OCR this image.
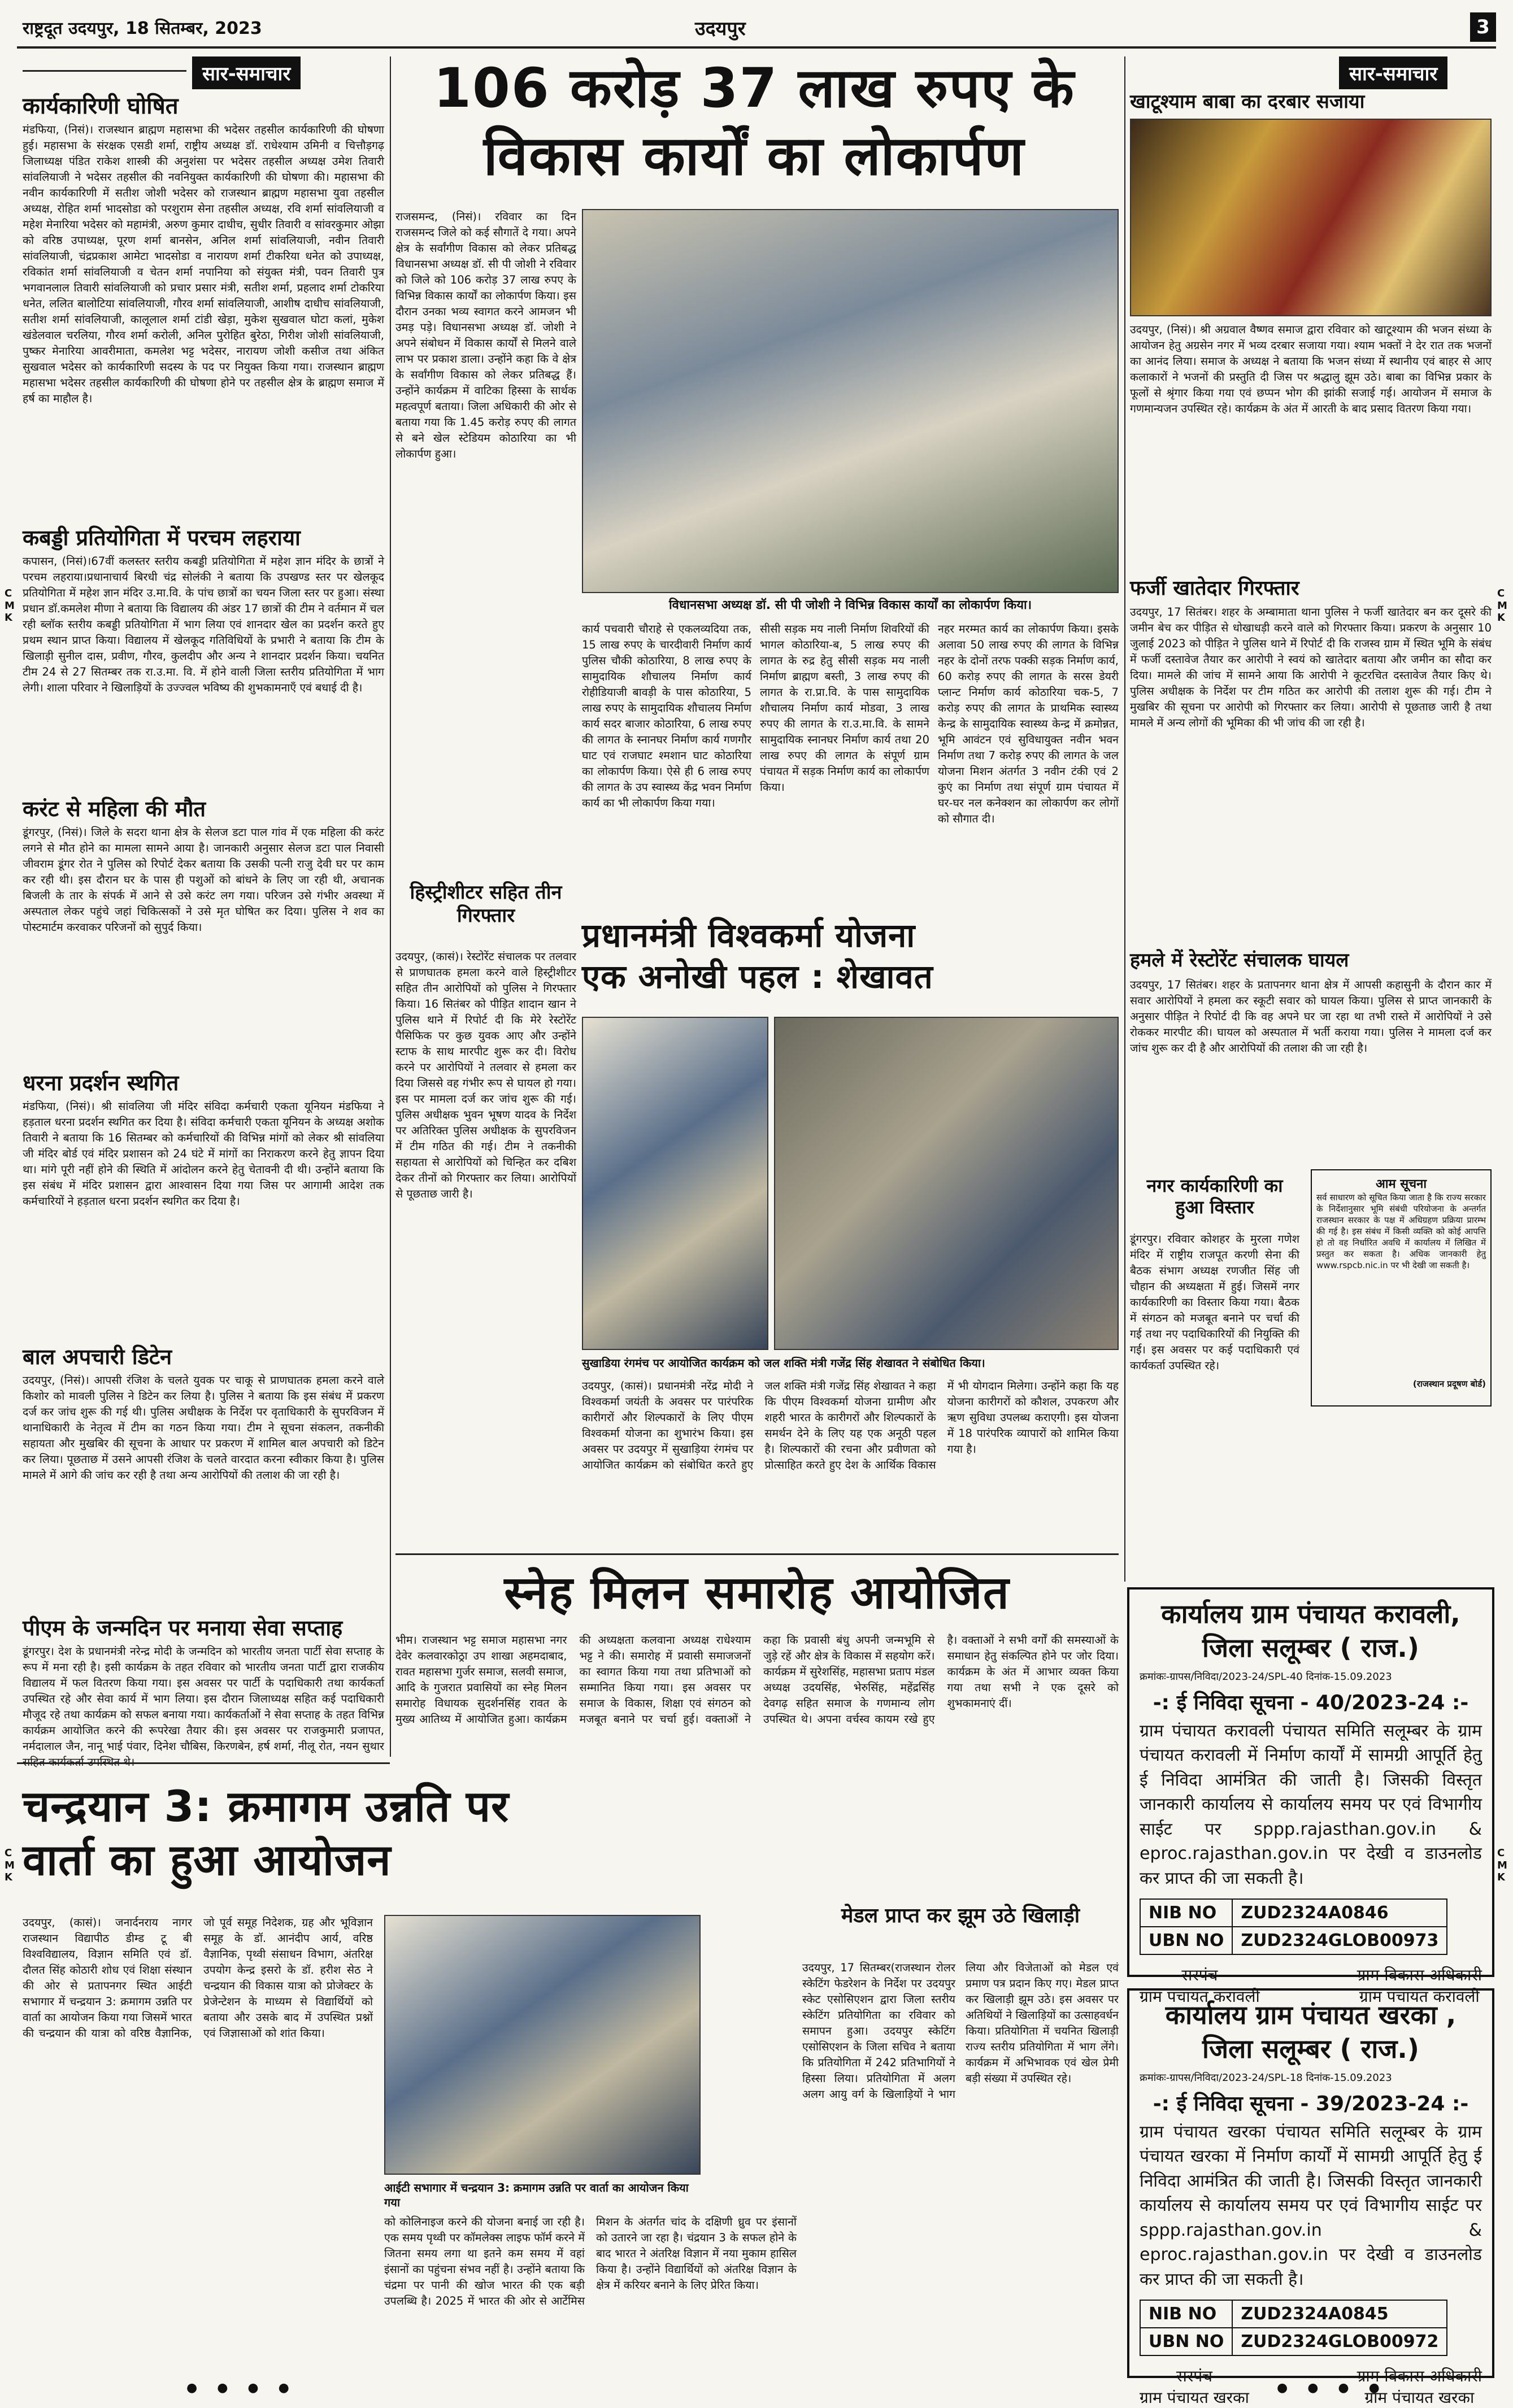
राष्ट्रदूत उदयपुर, 18 सितम्बर, 2023	उदयपुर	3
C
M
K
C
M
K
C
M
K
C
M
K
सार-समाचार
कार्यकारिणी घोषित
मंडफिया, (निसं)। राजस्थान ब्राह्मण महासभा की भदेसर तहसील कार्यकारिणी की घोषणा हुई। महासभा के संरक्षक एसडी शर्मा, राष्ट्रीय अध्यक्ष डॉ. राधेश्याम उमिनी व चित्तौड़गढ़ जिलाध्यक्ष पंडित राकेश शास्त्री की अनुशंसा पर भदेसर तहसील अध्यक्ष उमेश तिवारी सांवलियाजी ने भदेसर तहसील की नवनियुक्त कार्यकारिणी की घोषणा की। महासभा की नवीन कार्यकारिणी में सतीश जोशी भदेसर को राजस्थान ब्राह्मण महासभा युवा तहसील अध्यक्ष, रोहित शर्मा भादसोडा को परशुराम सेना तहसील अध्यक्ष, रवि शर्मा सांवलियाजी व महेश मेनारिया भदेसर को महामंत्री, अरुण कुमार दाधीच, सुधीर तिवारी व सांवरकुमार ओझा को वरिष्ठ उपाध्यक्ष, पूरण शर्मा बानसेन, अनिल शर्मा सांवलियाजी, नवीन तिवारी सांवलियाजी, चंद्रप्रकाश आमेटा भादसोडा व नारायण शर्मा टीकरिया धनेत को उपाध्यक्ष, रविकांत शर्मा सांवलियाजी व चेतन शर्मा नपानिया को संयुक्त मंत्री, पवन तिवारी पुत्र भगवानलाल तिवारी सांवलियाजी को प्रचार प्रसार मंत्री, सतीश शर्मा, प्रहलाद शर्मा टोकरिया धनेत, ललित बालोटिया सांवलियाजी, गौरव शर्मा सांवलियाजी, आशीष दाधीच सांवलियाजी, सतीश शर्मा सांवलियाजी, कालूलाल शर्मा टांडी खेड़ा, मुकेश सुखवाल घोटा कलां, मुकेश खंडेलवाल चरलिया, गौरव शर्मा करोली, अनिल पुरोहित बुरेठा, गिरीश जोशी सांवलियाजी, पुष्कर मेनारिया आवरीमाता, कमलेश भट्ट भदेसर, नारायण जोशी कसीज तथा अंकित सुखवाल भदेसर को कार्यकारिणी सदस्य के पद पर नियुक्त किया गया। राजस्थान ब्राह्मण महासभा भदेसर तहसील कार्यकारिणी की घोषणा होने पर तहसील क्षेत्र के ब्राह्मण समाज में हर्ष का माहौल है।
कबड्डी प्रतियोगिता में परचम लहराया
कपासन, (निसं)।67वीं कलस्तर स्तरीय कबड्डी प्रतियोगिता में महेश ज्ञान मंदिर के छात्रों ने परचम लहराया।प्रधानाचार्य बिरधी चंद्र सोलंकी ने बताया कि उपखण्ड स्तर पर खेलकूद प्रतियोगिता में महेश ज्ञान मंदिर उ.मा.वि. के पांच छात्रों का चयन जिला स्तर पर हुआ। संस्था प्रधान डॉ.कमलेश मीणा ने बताया कि विद्यालय की अंडर 17 छात्रों की टीम ने वर्तमान में चल रही ब्लॉक स्तरीय कबड्डी प्रतियोगिता में भाग लिया एवं शानदार खेल का प्रदर्शन करते हुए प्रथम स्थान प्राप्त किया। विद्यालय में खेलकूद गतिविधियों के प्रभारी ने बताया कि टीम के खिलाड़ी सुनील दास, प्रवीण, गौरव, कुलदीप और अन्य ने शानदार प्रदर्शन किया। चयनित टीम 24 से 27 सितम्बर तक रा.उ.मा. वि. में होने वाली जिला स्तरीय प्रतियोगिता में भाग लेगी। शाला परिवार ने खिलाड़ियों के उज्ज्वल भविष्य की शुभकामनाएँ एवं बधाई दी है।
करंट से महिला की मौत
डूंगरपुर, (निसं)। जिले के सदरा थाना क्षेत्र के सेलज डटा पाल गांव में एक महिला की करंट लगने से मौत होने का मामला सामने आया है। जानकारी अनुसार सेलज डटा पाल निवासी जीवराम डूंगर रोत ने पुलिस को रिपोर्ट देकर बताया कि उसकी पत्नी राजु देवी घर पर काम कर रही थी। इस दौरान घर के पास ही पशुओं को बांधने के लिए जा रही थी, अचानक बिजली के तार के संपर्क में आने से उसे करंट लग गया। परिजन उसे गंभीर अवस्था में अस्पताल लेकर पहुंचे जहां चिकित्सकों ने उसे मृत घोषित कर दिया। पुलिस ने शव का पोस्टमार्टम करवाकर परिजनों को सुपुर्द किया।
धरना प्रदर्शन स्थगित
मंडफिया, (निसं)। श्री सांवलिया जी मंदिर संविदा कर्मचारी एकता यूनियन मंडफिया ने हड़ताल धरना प्रदर्शन स्थगित कर दिया है। संविदा कर्मचारी एकता यूनियन के अध्यक्ष अशोक तिवारी ने बताया कि 16 सितम्बर को कर्मचारियों की विभिन्न मांगों को लेकर श्री सांवलिया जी मंदिर बोर्ड एवं मंदिर प्रशासन को 24 घंटे में मांगों का निराकरण करने हेतु ज्ञापन दिया था। मांगे पूरी नहीं होने की स्थिति में आंदोलन करने हेतु चेतावनी दी थी। उन्होंने बताया कि इस संबंध में मंदिर प्रशासन द्वारा आश्वासन दिया गया जिस पर आगामी आदेश तक कर्मचारियों ने हड़ताल धरना प्रदर्शन स्थगित कर दिया है।
बाल अपचारी डिटेन
उदयपुर, (निसं)। आपसी रंजिश के चलते युवक पर चाकू से प्राणघातक हमला करने वाले किशोर को मावली पुलिस ने डिटेन कर लिया है। पुलिस ने बताया कि इस संबंध में प्रकरण दर्ज कर जांच शुरू की गई थी। पुलिस अधीक्षक के निर्देश पर वृताधिकारी के सुपरविजन में थानाधिकारी के नेतृत्व में टीम का गठन किया गया। टीम ने सूचना संकलन, तकनीकी सहायता और मुखबिर की सूचना के आधार पर प्रकरण में शामिल बाल अपचारी को डिटेन कर लिया। पूछताछ में उसने आपसी रंजिश के चलते वारदात करना स्वीकार किया है। पुलिस मामले में आगे की जांच कर रही है तथा अन्य आरोपियों की तलाश की जा रही है।
पीएम के जन्मदिन पर मनाया सेवा सप्ताह
डूंगरपुर। देश के प्रधानमंत्री नरेन्द्र मोदी के जन्मदिन को भारतीय जनता पार्टी सेवा सप्ताह के रूप में मना रही है। इसी कार्यक्रम के तहत रविवार को भारतीय जनता पार्टी द्वारा राजकीय विद्यालय में फल वितरण किया गया। इस अवसर पर पार्टी के पदाधिकारी तथा कार्यकर्ता उपस्थित रहे और सेवा कार्य में भाग लिया। इस दौरान जिलाध्यक्ष सहित कई पदाधिकारी मौजूद रहे तथा कार्यक्रम को सफल बनाया गया। कार्यकर्ताओं ने सेवा सप्ताह के तहत विभिन्न कार्यक्रम आयोजित करने की रूपरेखा तैयार की। इस अवसर पर राजकुमारी प्रजापत, नर्मदालाल जैन, नानू भाई पंवार, दिनेश चौबिस, किरणबेन, हर्ष शर्मा, नीलू रोत, नयन सुथार
106 करोड़ 37 लाख रुपए के विकास कार्यों का लोकार्पण
राजसमन्द, (निसं)। रविवार का दिन राजसमन्द जिले को कई सौगातें दे गया। अपने क्षेत्र के सर्वांगीण विकास को लेकर प्रतिबद्ध विधानसभा अध्यक्ष डॉ. सी पी जोशी ने रविवार को जिले को 106 करोड़ 37 लाख रुपए के विभिन्न विकास कार्यों का लोकार्पण किया। इस दौरान उनका भव्य स्वागत करने आमजन भी उमड़ पड़े। विधानसभा अध्यक्ष डॉ. जोशी ने अपने संबोधन में विकास कार्यों से मिलने वाले लाभ पर प्रकाश डाला। उन्होंने कहा कि वे क्षेत्र के सर्वांगीण विकास को लेकर प्रतिबद्ध हैं। उन्होंने कार्यक्रम में वाटिका हिस्सा के सार्थक महत्वपूर्ण बताया। जिला अधिकारी की ओर से बताया गया कि 1.45 करोड़ रुपए की लागत से बने खेल स्टेडियम कोठारिया का भी लोकार्पण हुआ।
विधानसभा अध्यक्ष डॉ. सी पी जोशी ने विभिन्न विकास कार्यों का लोकार्पण किया।
कार्य पचवारी चौराहे से एकलव्यदिया तक, 15 लाख रुपए के चारदीवारी निर्माण कार्य पुलिस चौकी कोठारिया, 8 लाख रुपए के सामुदायिक शौचालय निर्माण कार्य रोहीडियाजी बावड़ी के पास कोठारिया, 5 लाख रुपए के सामुदायिक शौचालय निर्माण कार्य सदर बाजार कोठारिया, 6 लाख रुपए की लागत के स्नानघर निर्माण कार्य गणगौर घाट एवं राजघाट श्मशान घाट कोठारिया का लोकार्पण किया। ऐसे ही 6 लाख रुपए की लागत के उप स्वास्थ्य केंद्र भवन निर्माण कार्य का भी लोकार्पण किया गया।
सीसी सड़क मय नाली निर्माण शिवरियों की भागल कोठारिया-ब, 5 लाख रुपए की लागत के रुद्र हेतु सीसी सड़क मय नाली निर्माण ब्राह्मण बस्ती, 3 लाख रुपए की लागत के रा.प्रा.वि. के पास सामुदायिक शौचालय निर्माण कार्य मोडवा, 3 लाख रुपए की लागत के रा.उ.मा.वि. के सामने सामुदायिक स्नानघर निर्माण कार्य तथा 20 लाख रुपए की लागत के संपूर्ण ग्राम पंचायत में सड़क निर्माण कार्य का लोकार्पण किया।
नहर मरम्मत कार्य का लोकार्पण किया। इसके अलावा 50 लाख रुपए की लागत के विभिन्न नहर के दोनों तरफ पक्की सड़क निर्माण कार्य, 60 करोड़ रुपए की लागत के सरस डेयरी प्लान्ट निर्माण कार्य कोठारिया चक-5, 7 करोड़ रुपए की लागत के प्राथमिक स्वास्थ्य केन्द्र के सामुदायिक स्वास्थ्य केन्द्र में क्रमोन्नत, भूमि आवंटन एवं सुविधायुक्त नवीन भवन निर्माण तथा 7 करोड़ रुपए की लागत के जल योजना मिशन अंतर्गत 3 नवीन टंकी एवं 2 कुएं का निर्माण तथा संपूर्ण ग्राम पंचायत में घर-घर नल कनेक्शन का लोकार्पण कर लोगों को सौगात दी।
हिस्ट्रीशीटर सहित तीन गिरफ्तार
उदयपुर, (कासं)। रेस्टोरेंट संचालक पर तलवार से प्राणघातक हमला करने वाले हिस्ट्रीशीटर सहित तीन आरोपियों को पुलिस ने गिरफ्तार किया। 16 सितंबर को पीड़ित शादान खान ने पुलिस थाने में रिपोर्ट दी कि मेरे रेस्टोरेंट पैसिफिक पर कुछ युवक आए और उन्होंने स्टाफ के साथ मारपीट शुरू कर दी। विरोध करने पर आरोपियों ने तलवार से हमला कर दिया जिससे वह गंभीर रूप से घायल हो गया। इस पर मामला दर्ज कर जांच शुरू की गई। पुलिस अधीक्षक भुवन भूषण यादव के निर्देश पर अतिरिक्त पुलिस अधीक्षक के सुपरविजन में टीम गठित की गई। टीम ने तकनीकी सहायता से आरोपियों को चिन्हित कर दबिश देकर तीनों को गिरफ्तार कर लिया। आरोपियों से पूछताछ जारी है।
प्रधानमंत्री विश्वकर्मा योजना
एक अनोखी पहल : शेखावत
सुखाडिया रंगमंच पर आयोजित कार्यक्रम को जल शक्ति मंत्री गजेंद्र सिंह शेखावत ने संबोधित किया।
उदयपुर, (कासं)। प्रधानमंत्री नरेंद्र मोदी ने विश्वकर्मा जयंती के अवसर पर पारंपरिक कारीगरों और शिल्पकारों के लिए पीएम विश्वकर्मा योजना का शुभारंभ किया। इस अवसर पर उदयपुर में सुखाड़िया रंगमंच पर आयोजित कार्यक्रम को संबोधित करते हुए जल शक्ति मंत्री गजेंद्र सिंह शेखावत ने कहा कि पीएम विश्वकर्मा योजना ग्रामीण और शहरी भारत के कारीगरों और शिल्पकारों के समर्थन देने के लिए यह एक अनूठी पहल है। शिल्पकारों की रचना और प्रवीणता को प्रोत्साहित करते हुए देश के आर्थिक विकास में भी योगदान मिलेगा। उन्होंने कहा कि यह योजना कारीगरों को कौशल, उपकरण और ऋण सुविधा उपलब्ध कराएगी। इस योजना में 18 पारंपरिक व्यापारों को शामिल किया गया है।
सार-समाचार
खाटूश्याम बाबा का दरबार सजाया
उदयपुर, (निसं)। श्री अग्रवाल वैष्णव समाज द्वारा रविवार को खाटूश्याम की भजन संध्या के आयोजन हेतु अग्रसेन नगर में भव्य दरबार सजाया गया। श्याम भक्तों ने देर रात तक भजनों का आनंद लिया। समाज के अध्यक्ष ने बताया कि भजन संध्या में स्थानीय एवं बाहर से आए कलाकारों ने भजनों की प्रस्तुति दी जिस पर श्रद्धालु झूम उठे। बाबा का विभिन्न प्रकार के फूलों से श्रृंगार किया गया एवं छप्पन भोग की झांकी सजाई गई। आयोजन में समाज के गणमान्यजन उपस्थित रहे। कार्यक्रम के अंत में आरती के बाद प्रसाद वितरण किया गया।
फर्जी खातेदार गिरफ्तार
उदयपुर, 17 सितंबर। शहर के अम्बामाता थाना पुलिस ने फर्जी खातेदार बन कर दूसरे की जमीन बेच कर पीड़ित से धोखाधड़ी करने वाले को गिरफ्तार किया। प्रकरण के अनुसार 10 जुलाई 2023 को पीड़ित ने पुलिस थाने में रिपोर्ट दी कि राजस्व ग्राम में स्थित भूमि के संबंध में फर्जी दस्तावेज तैयार कर आरोपी ने स्वयं को खातेदार बताया और जमीन का सौदा कर दिया। मामले की जांच में सामने आया कि आरोपी ने कूटरचित दस्तावेज तैयार किए थे। पुलिस अधीक्षक के निर्देश पर टीम गठित कर आरोपी की तलाश शुरू की गई। टीम ने मुखबिर की सूचना पर आरोपी को गिरफ्तार कर लिया। आरोपी से पूछताछ जारी है तथा मामले में अन्य लोगों की भूमिका की भी जांच की जा रही है।
हमले में रेस्टोरेंट संचालक घायल
उदयपुर, 17 सितंबर। शहर के प्रतापनगर थाना क्षेत्र में आपसी कहासुनी के दौरान कार में सवार आरोपियों ने हमला कर स्कूटी सवार को घायल किया। पुलिस से प्राप्त जानकारी के अनुसार पीड़ित ने रिपोर्ट दी कि वह अपने घर जा रहा था तभी रास्ते में आरोपियों ने उसे रोककर मारपीट की। घायल को अस्पताल में भर्ती कराया गया। पुलिस ने मामला दर्ज कर जांच शुरू कर दी है और आरोपियों की तलाश की जा रही है।
नगर कार्यकारिणी का हुआ विस्तार
डूंगरपुर। रविवार कोशहर के मुरला गणेश मंदिर में राष्ट्रीय राजपूत करणी सेना की बैठक संभाग अध्यक्ष रणजीत सिंह जी चौहान की अध्यक्षता में हुई। जिसमें नगर कार्यकारिणी का विस्तार किया गया। बैठक में संगठन को मजबूत बनाने पर चर्चा की गई तथा नए पदाधिकारियों की नियुक्ति की गई। इस अवसर पर कई पदाधिकारी एवं कार्यकर्ता उपस्थित रहे।
आम सूचना
सर्व साधारण को सूचित किया जाता है कि राज्य सरकार के निर्देशानुसार भूमि संबंधी परियोजना के अन्तर्गत राजस्थान सरकार के पक्ष में अधिग्रहण प्रक्रिया प्रारम्भ की गई है। इस संबंध में किसी व्यक्ति को कोई आपत्ति हो तो वह निर्धारित अवधि में कार्यालय में लिखित में प्रस्तुत कर सकता है। अधिक जानकारी हेतु www.rspcb.nic.in पर भी देखी जा सकती है।
(राजस्थान प्रदूषण बोर्ड)
स्नेह मिलन समारोह आयोजित
भीम। राजस्थान भट्ट समाज महासभा नगर देवेर कलवारकोठ्रा उप शाखा अहमदाबाद, रावत महासभा गुर्जर समाज, सलवी समाज, आदि के गुजरात प्रवासियों का स्नेह मिलन समारोह विधायक सुदर्शनसिंह रावत के मुख्य आतिथ्य में आयोजित हुआ। कार्यक्रम की अध्यक्षता कलवाना अध्यक्ष राधेश्याम भट्ट ने की। समारोह में प्रवासी समाजजनों का स्वागत किया गया तथा प्रतिभाओं को सम्मानित किया गया। इस अवसर पर समाज के विकास, शिक्षा एवं संगठन को मजबूत बनाने पर चर्चा हुई। वक्ताओं ने कहा कि प्रवासी बंधु अपनी जन्मभूमि से जुड़े रहें और क्षेत्र के विकास में सहयोग करें। कार्यक्रम में सुरेशसिंह, महासभा प्रताप मंडल अध्यक्ष उदयसिंह, भेरुसिंह, महेंद्रसिंह देवगढ़ सहित समाज के गणमान्य लोग उपस्थित थे। अपना वर्चस्व कायम रखे हुए है। वक्ताओं ने सभी वर्गों की समस्याओं के समाधान हेतु संकल्पित होने पर जोर दिया। कार्यक्रम के अंत में आभार व्यक्त किया गया तथा सभी ने एक दूसरे को शुभकामनाएं दीं।
चन्द्रयान 3: क्रमागम उन्नति पर
वार्ता का हुआ आयोजन
उदयपुर, (कासं)। जनार्दनराय नागर राजस्थान विद्यापीठ डीम्ड टू बी विश्वविद्यालय, विज्ञान समिति एवं डॉ. दौलत सिंह कोठारी शोध एवं शिक्षा संस्थान की ओर से प्रतापनगर स्थित आईटी सभागार में चन्द्रयान 3: क्रमागम उन्नति पर वार्ता का आयोजन किया गया जिसमें भारत की चन्द्रयान की यात्रा को वरिष्ठ वैज्ञानिक, जो पूर्व समूह निदेशक, ग्रह और भूविज्ञान समूह के डॉ. आनंदीप आर्य, वरिष्ठ वैज्ञानिक, पृथ्वी संसाधन विभाग, अंतरिक्ष उपयोग केन्द्र इसरो के डॉ. हरीश सेठ ने चन्द्रयान की विकास यात्रा को प्रोजेक्टर के प्रेजेन्टेशन के माध्यम से विद्यार्थियों को बताया और उसके बाद में उपस्थित प्रश्नों एवं जिज्ञासाओं को शांत किया।
आईटी सभागार में चन्द्रयान 3: क्रमागम उन्नति पर वार्ता का आयोजन किया गया
को कोलिनाइज करने की योजना बनाई जा रही है। एक समय पृथ्वी पर कॉमलेक्स लाइफ फॉर्म करने में जितना समय लगा था इतने कम समय में वहां इंसानों का पहुंचना संभव नहीं है। उन्होंने बताया कि चंद्रमा पर पानी की खोज भारत की एक बड़ी उपलब्धि है। 2025 में भारत की ओर से आर्टेमिस मिशन के अंतर्गत चांद के दक्षिणी ध्रुव पर इंसानों को उतारने जा रहा है। चंद्रयान 3 के सफल होने के बाद भारत ने अंतरिक्ष विज्ञान में नया मुकाम हासिल किया है। उन्होंने विद्यार्थियों को अंतरिक्ष विज्ञान के क्षेत्र में करियर बनाने के लिए प्रेरित किया।
मेडल प्राप्त कर झूम उठे खिलाड़ी
उदयपुर, 17 सितम्बर(राजस्थान रोलर स्केटिंग फेडरेशन के निर्देश पर उदयपुर स्केट एसोसिएशन द्वारा जिला स्तरीय स्केटिंग प्रतियोगिता का रविवार को समापन हुआ। उदयपुर स्केटिंग एसोसिएशन के जिला सचिव ने बताया कि प्रतियोगिता में 242 प्रतिभागियों ने हिस्सा लिया। प्रतियोगिता में अलग अलग आयु वर्ग के खिलाड़ियों ने भाग लिया और विजेताओं को मेडल एवं प्रमाण पत्र प्रदान किए गए। मेडल प्राप्त कर खिलाड़ी झूम उठे। इस अवसर पर अतिथियों ने खिलाड़ियों का उत्साहवर्धन किया। प्रतियोगिता में चयनित खिलाड़ी राज्य स्तरीय प्रतियोगिता में भाग लेंगे। कार्यक्रम में अभिभावक एवं खेल प्रेमी बड़ी संख्या में उपस्थित रहे।
कार्यालय ग्राम पंचायत करावली,
जिला सलूम्बर ( राज.)
क्रमांकः-ग्रापस/निविदा/2023-24/SPL-40 दिनांक-15.09.2023
-: ई निविदा सूचना - 40/2023-24 :-
ग्राम पंचायत करावली पंचायत समिति सलूम्बर के ग्राम पंचायत करावली में निर्माण कार्यों में सामग्री आपूर्ति हेतु ई निविदा आमंत्रित की जाती है। जिसकी विस्तृत जानकारी कार्यालय से कार्यालय समय पर एवं विभागीय साईट पर sppp.rajasthan.gov.in & eproc.rajasthan.gov.in पर देखी व डाउनलोड कर प्राप्त की जा सकती है।
NIB NO	ZUD2324A0846
UBN NO	ZUD2324GLOB00973
सरपंच
ग्राम पंचायत करावली
ग्राम विकास अधिकारी
ग्राम पंचायत करावली
कार्यालय ग्राम पंचायत खरका ,
जिला सलूम्बर ( राज.)
क्रमांकः-ग्रापस/निविदा/2023-24/SPL-18 दिनांक-15.09.2023
-: ई निविदा सूचना - 39/2023-24 :-
ग्राम पंचायत खरका पंचायत समिति सलूम्बर के ग्राम पंचायत खरका में निर्माण कार्यों में सामग्री आपूर्ति हेतु ई निविदा आमंत्रित की जाती है। जिसकी विस्तृत जानकारी कार्यालय से कार्यालय समय पर एवं विभागीय साईट पर sppp.rajasthan.gov.in & eproc.rajasthan.gov.in पर देखी व डाउनलोड कर प्राप्त की जा सकती है।
NIB NO	ZUD2324A0845
UBN NO	ZUD2324GLOB00972
सरपंच
ग्राम पंचायत खरका
ग्राम विकास अधिकारी
ग्राम पंचायत खरका
● ● ● ●	● ● ● ●
